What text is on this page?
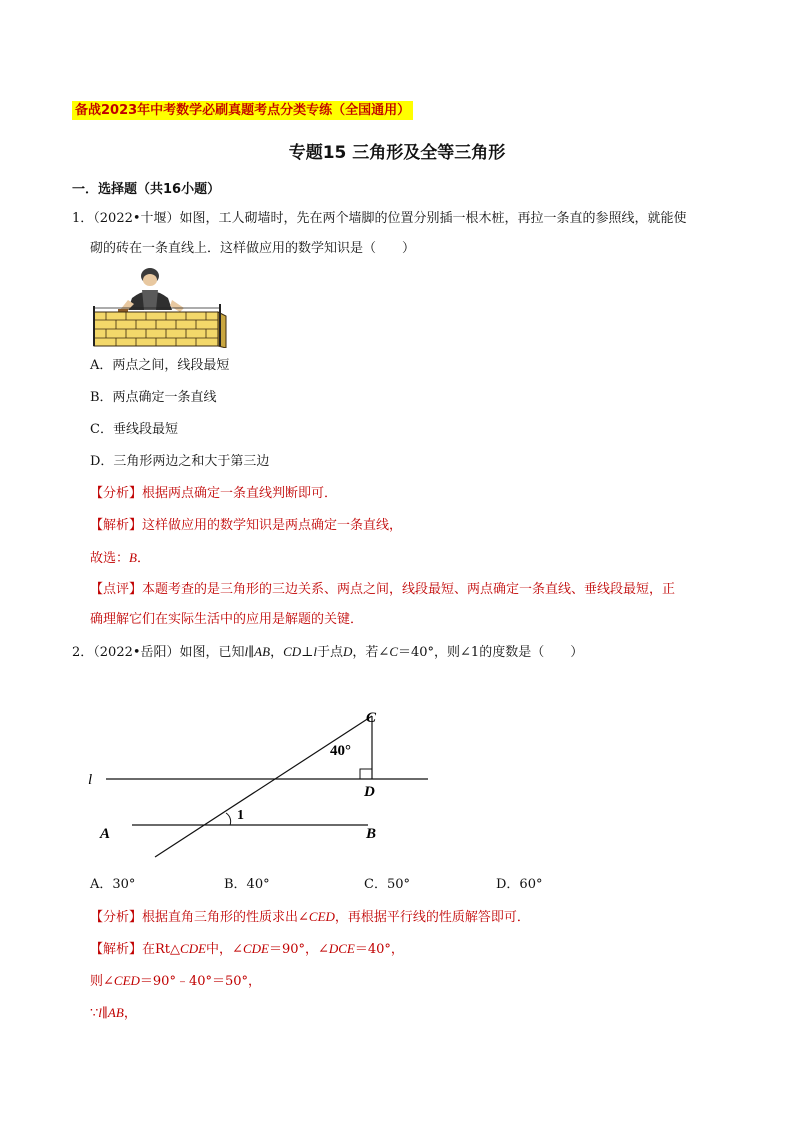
备战2023年中考数学必刷真题考点分类专练（全国通用）
专题15 三角形及全等三角形
一．选择题（共16小题）
1．（2022•十堰）如图，工人砌墙时，先在两个墙脚的位置分别插一根木桩，再拉一条直的参照线，就能使
砌的砖在一条直线上．这样做应用的数学知识是（　　）
A．两点之间，线段最短
B．两点确定一条直线
C．垂线段最短
D．三角形两边之和大于第三边
【分析】根据两点确定一条直线判断即可．
【解析】这样做应用的数学知识是两点确定一条直线，
故选：B．
【点评】本题考查的是三角形的三边关系、两点之间，线段最短、两点确定一条直线、垂线段最短，正
确理解它们在实际生活中的应用是解题的关键．
2．（2022•岳阳）如图，已知l∥AB，CD⊥l于点D，若∠C＝40°，则∠1的度数是（　　）
C
D
l
A	B
40°
1
A．30°	B．40°	C．50°	D．60°
【分析】根据直角三角形的性质求出∠CED，再根据平行线的性质解答即可．
【解析】在Rt△CDE中，∠CDE＝90°，∠DCE＝40°，
则∠CED＝90°﹣40°＝50°，
∵l∥AB，
